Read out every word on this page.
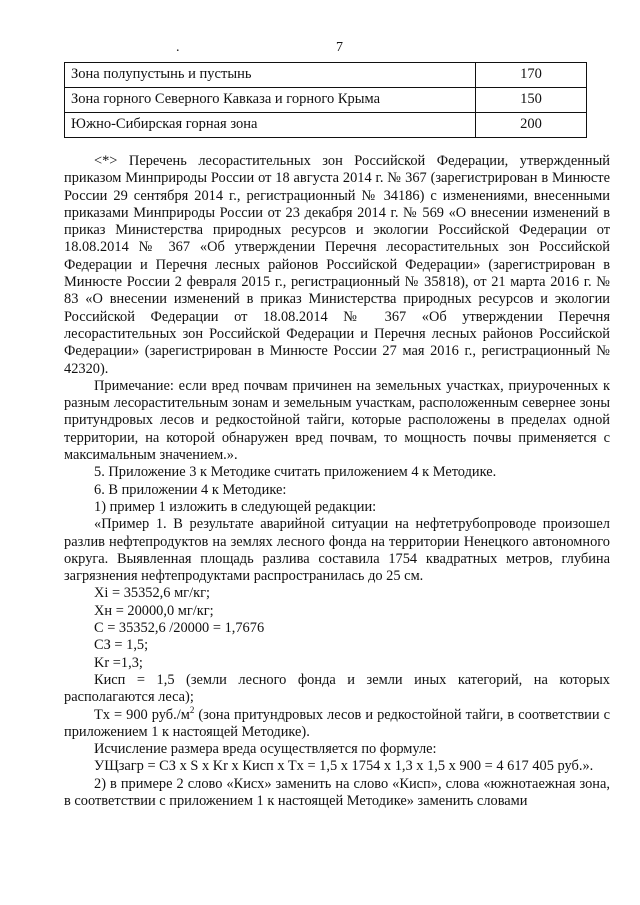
.	7
Зона полупустынь и пустынь	170
Зона горного Северного Кавказа и горного Крыма	150
Южно-Сибирская горная зона	200

<*> Перечень лесорастительных зон Российской Федерации, утвержденный приказом Минприроды России от 18 августа 2014 г. № 367 (зарегистрирован в Минюсте России 29 сентября 2014 г., регистрационный № 34186) с изменениями, внесенными приказами Минприроды России от 23 декабря 2014 г. № 569 «О внесении изменений в приказ Министерства природных ресурсов и экологии Российской Федерации от 18.08.2014 № 367 «Об утверждении Перечня лесорастительных зон Российской Федерации и Перечня лесных районов Российской Федерации» (зарегистрирован в Минюсте России 2 февраля 2015 г., регистрационный № 35818), от 21 марта 2016 г. № 83 «О внесении изменений в приказ Министерства природных ресурсов и экологии Российской Федерации от 18.08.2014 № 367 «Об утверждении Перечня лесорастительных зон Российской Федерации и Перечня лесных районов Российской Федерации» (зарегистрирован в Минюсте России 27 мая 2016 г., регистрационный № 42320).

Примечание: если вред почвам причинен на земельных участках, приуроченных к разным лесорастительным зонам и земельным участкам, расположенным севернее зоны притундровых лесов и редкостойной тайги, которые расположены в пределах одной территории, на которой обнаружен вред почвам, то мощность почвы применяется с максимальным значением.».

5. Приложение 3 к Методике считать приложением 4 к Методике.

6. В приложении 4 к Методике:

1) пример 1 изложить в следующей редакции:

«Пример 1. В результате аварийной ситуации на нефтетрубопроводе произошел разлив нефтепродуктов на землях лесного фонда на территории Ненецкого автономного округа. Выявленная площадь разлива составила 1754 квадратных метров, глубина загрязнения нефтепродуктами распространилась до 25 см.

Xi = 35352,6 мг/кг;

Xн = 20000,0 мг/кг;

C = 35352,6 /20000 = 1,7676

СЗ = 1,5;

Kr =1,3;

Кисп = 1,5 (земли лесного фонда и земли иных категорий, на которых располагаются леса);

Tx = 900 $руб./м^2$ (зона притундровых лесов и редкостойной тайги, в соответствии с приложением 1 к настоящей Методике).

Исчисление размера вреда осуществляется по формуле:

УЩзагр = СЗ x S x Kr x Кисп x Tx = 1,5 x 1754 x 1,3 x 1,5 x 900 = 4 617 405 руб.».

2) в примере 2 слово «Кисх» заменить на слово «Кисп», слова «южнотаежная зона, в соответствии с приложением 1 к настоящей Методике» заменить словами
